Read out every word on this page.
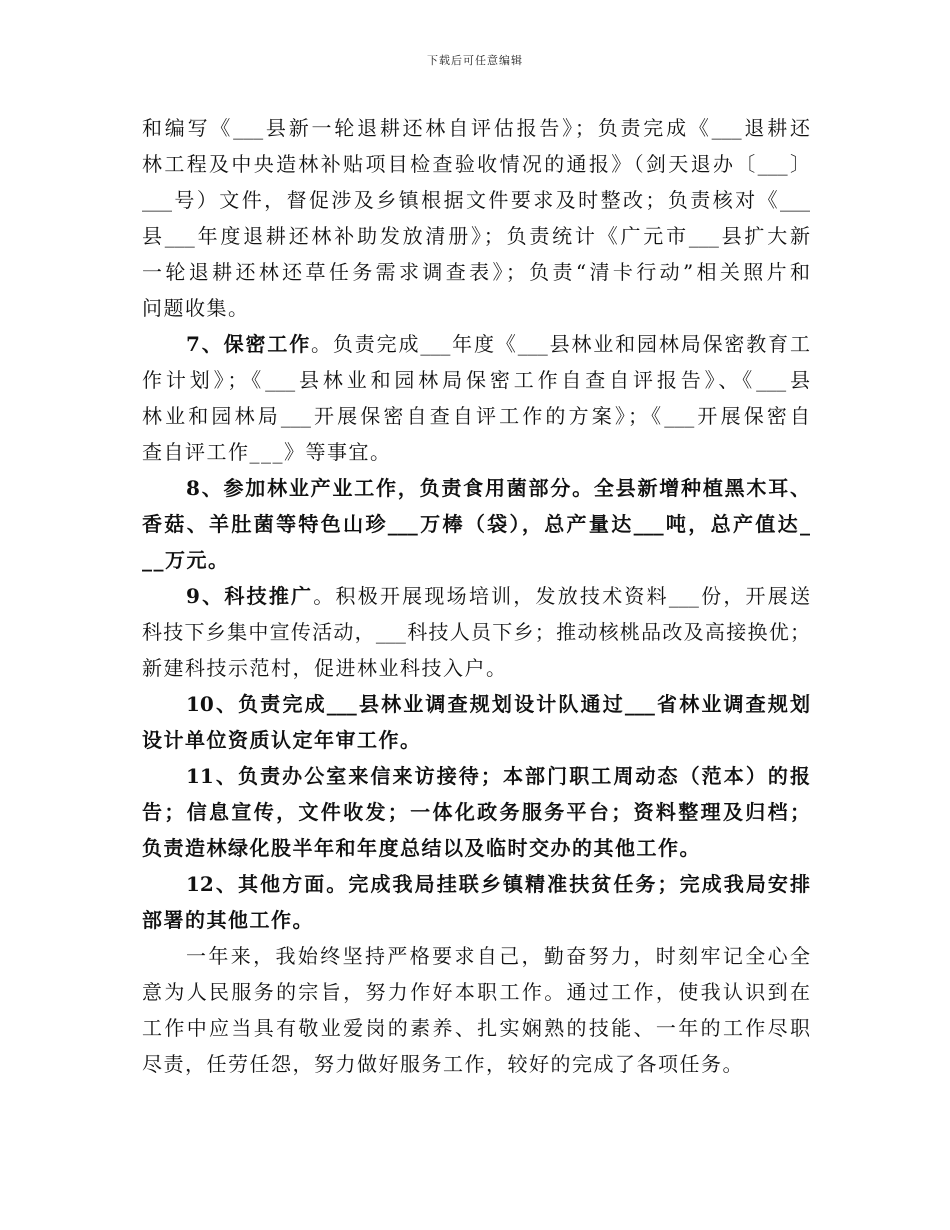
下载后可任意编辑
和编写《___县新一轮退耕还林自评估报告》；负责完成《___退耕还
林工程及中央造林补贴项目检查验收情况的通报》（剑天退办〔___〕
___号）文件，督促涉及乡镇根据文件要求及时整改；负责核对《___
县___年度退耕还林补助发放清册》；负责统计《广元市___县扩大新
一轮退耕还林还草任务需求调查表》；负责“清卡行动”相关照片和
问题收集。
7、保密工作。负责完成___年度《___县林业和园林局保密教育工
作计划》；《___县林业和园林局保密工作自查自评报告》、《___县
林业和园林局___开展保密自查自评工作的方案》；《___开展保密自
查自评工作___》等事宜。
8、参加林业产业工作，负责食用菌部分。全县新增种植黑木耳、
香菇、羊肚菌等特色山珍___万棒（袋），总产量达___吨，总产值达_
__万元。
9、科技推广。积极开展现场培训，发放技术资料___份，开展送
科技下乡集中宣传活动，___科技人员下乡；推动核桃品改及高接换优；
新建科技示范村，促进林业科技入户。
10、负责完成___县林业调查规划设计队通过___省林业调查规划
设计单位资质认定年审工作。
11、负责办公室来信来访接待；本部门职工周动态（范本）的报
告；信息宣传，文件收发；一体化政务服务平台；资料整理及归档；
负责造林绿化股半年和年度总结以及临时交办的其他工作。
12、其他方面。完成我局挂联乡镇精准扶贫任务；完成我局安排
部署的其他工作。
一年来，我始终坚持严格要求自己，勤奋努力，时刻牢记全心全
意为人民服务的宗旨，努力作好本职工作。通过工作，使我认识到在
工作中应当具有敬业爱岗的素养、扎实娴熟的技能、一年的工作尽职
尽责，任劳任怨，努力做好服务工作，较好的完成了各项任务。
